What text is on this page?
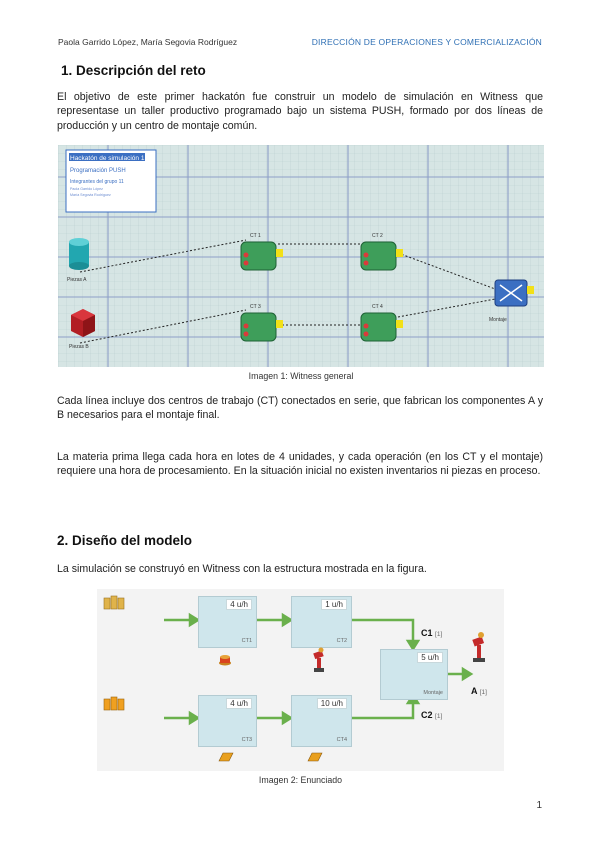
Paola Garrido López, María Segovia Rodríguez	DIRECCIÓN DE OPERACIONES Y COMERCIALIZACIÓN
1. Descripción del reto
El objetivo de este primer hackatón fue construir un modelo de simulación en Witness que representase un taller productivo programado bajo un sistema PUSH, formado por dos líneas de producción y un centro de montaje común.
Hackatón de simulación 1
Programación PUSH
Integrantes del grupo 11
Paola Garrido López
María Segovia Rodríguez
Piezas A
Piezas B
CT 1	CT 2
CT 3	CT 4
Montaje
Imagen 1: Witness general
Cada línea incluye dos centros de trabajo (CT) conectados en serie, que fabrican los componentes A y B necesarios para el montaje final.
La materia prima llega cada hora en lotes de 4 unidades, y cada operación (en los CT y el montaje) requiere una hora de procesamiento. En la situación inicial no existen inventarios ni piezas en proceso.
2. Diseño del modelo
La simulación se construyó en Witness con la estructura mostrada en la figura.
4 u/h
CT1
1 u/h
CT2
5 u/h
Montaje
4 u/h
CT3
10 u/h
CT4
C1 [1]
C2 [1]
A [1]
Imagen 2: Enunciado
1
